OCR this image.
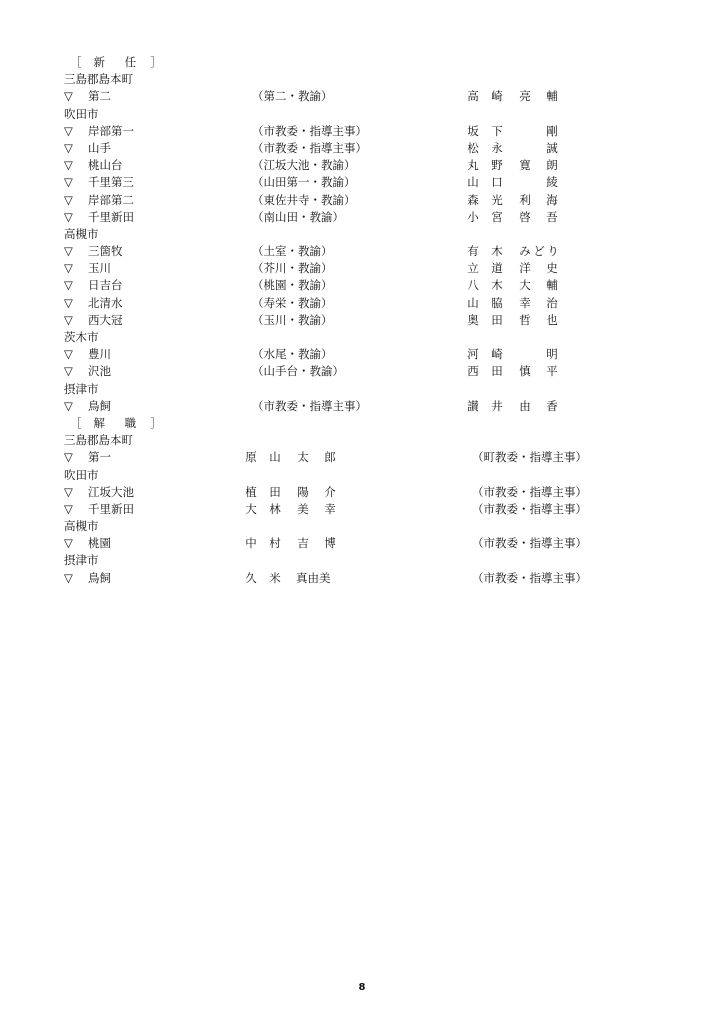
［ 新 任 ］
三島郡島本町
▽ 第二	（第二・教諭）	高 崎 亮 輔
吹田市
▽ 岸部第一	（市教委・指導主事）	坂 下	剛
▽ 山手	（市教委・指導主事）	松 永	誠
▽ 桃山台	（江坂大池・教諭）	丸 野 寛 朗
▽ 千里第三	（山田第一・教諭）	山 口	綾
▽ 岸部第二	（東佐井寺・教諭）	森 光 利 海
▽ 千里新田	（南山田・教諭）	小 宮 啓 吾
高槻市
▽ 三箇牧	（土室・教諭）	有 木 み ど り
▽ 玉川	（芥川・教諭）	立 道 洋 史
▽ 日吉台	（桃園・教諭）	八 木 大 輔
▽ 北清水	（寿栄・教諭）	山 脇 幸 治
▽ 西大冠	（玉川・教諭）	奥 田 哲 也
茨木市
▽ 豊川	（水尾・教諭）	河 崎	明
▽ 沢池	（山手台・教諭）	西 田 慎 平
摂津市
▽ 鳥飼	（市教委・指導主事）	讃 井 由 香
［ 解 職 ］
三島郡島本町
▽ 第一	原 山 太 郎	（町教委・指導主事）
吹田市
▽ 江坂大池	植 田 陽 介	（市教委・指導主事）
▽ 千里新田	大 林 美 幸	（市教委・指導主事）
高槻市
▽ 桃園	中 村 吉 博	（市教委・指導主事）
摂津市
▽ 鳥飼	久 米 真由美	（市教委・指導主事）
8
